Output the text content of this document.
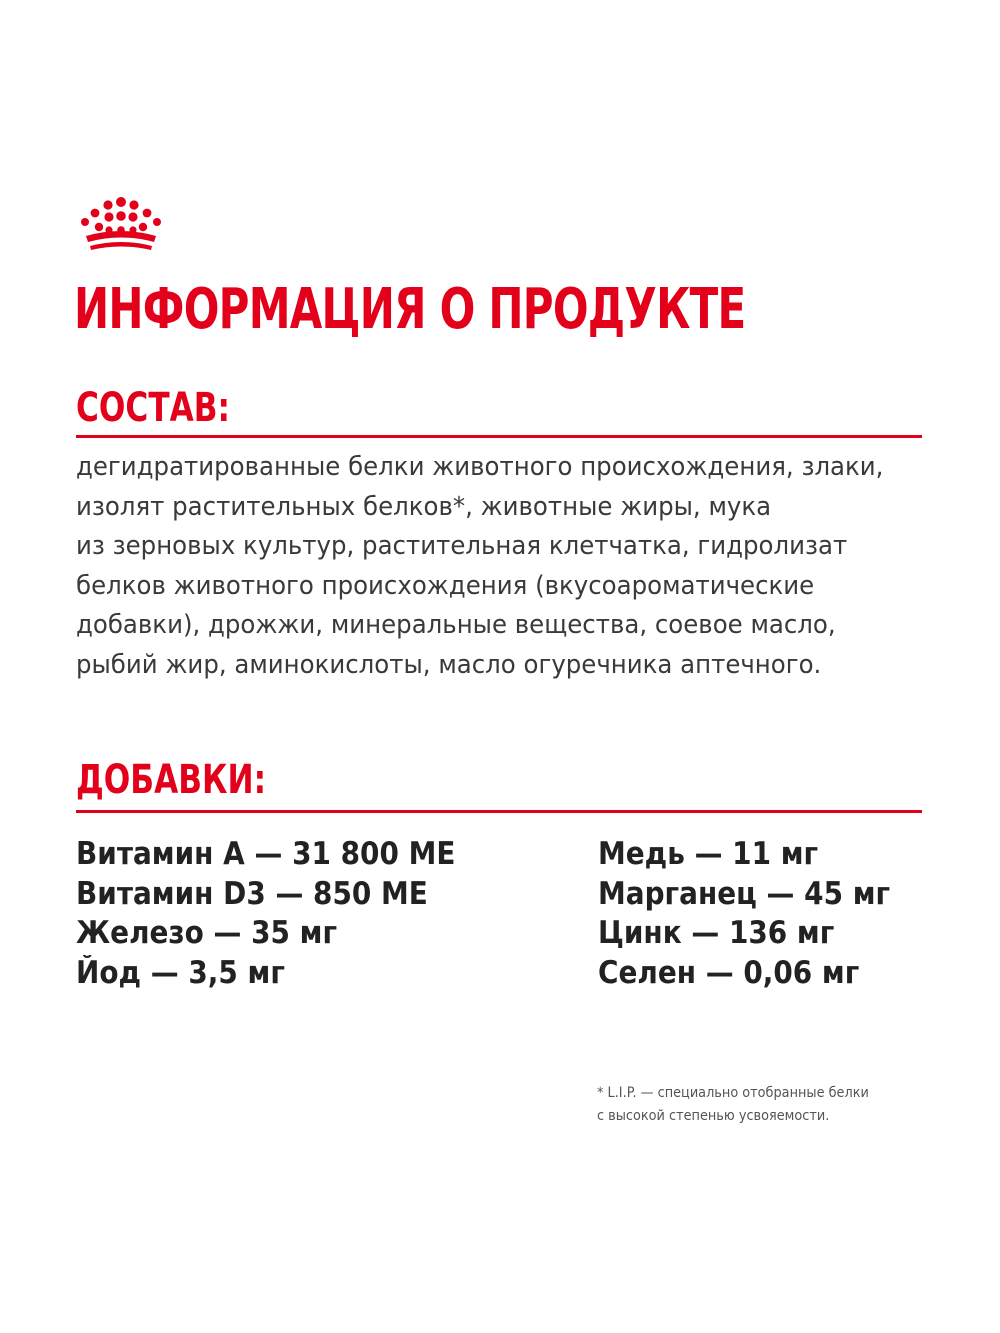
ИНФОРМАЦИЯ О ПРОДУКТЕ
СОСТАВ:
дегидратированные белки животного происхождения, злаки,
изолят растительных белков*, животные жиры, мука
из зерновых культур, растительная клетчатка, гидролизат
белков животного происхождения (вкусоароматические
добавки), дрожжи, минеральные вещества, соевое масло,
рыбий жир, аминокислоты, масло огуречника аптечного.
ДОБАВКИ:
Витамин А — 31 800 МЕ
Витамин D3 — 850 МЕ
Железо — 35 мг
Йод — 3,5 мг
Медь — 11 мг
Марганец — 45 мг
Цинк — 136 мг
Селен — 0,06 мг
* L.I.P. — специально отобранные белки
с высокой степенью усвояемости.
